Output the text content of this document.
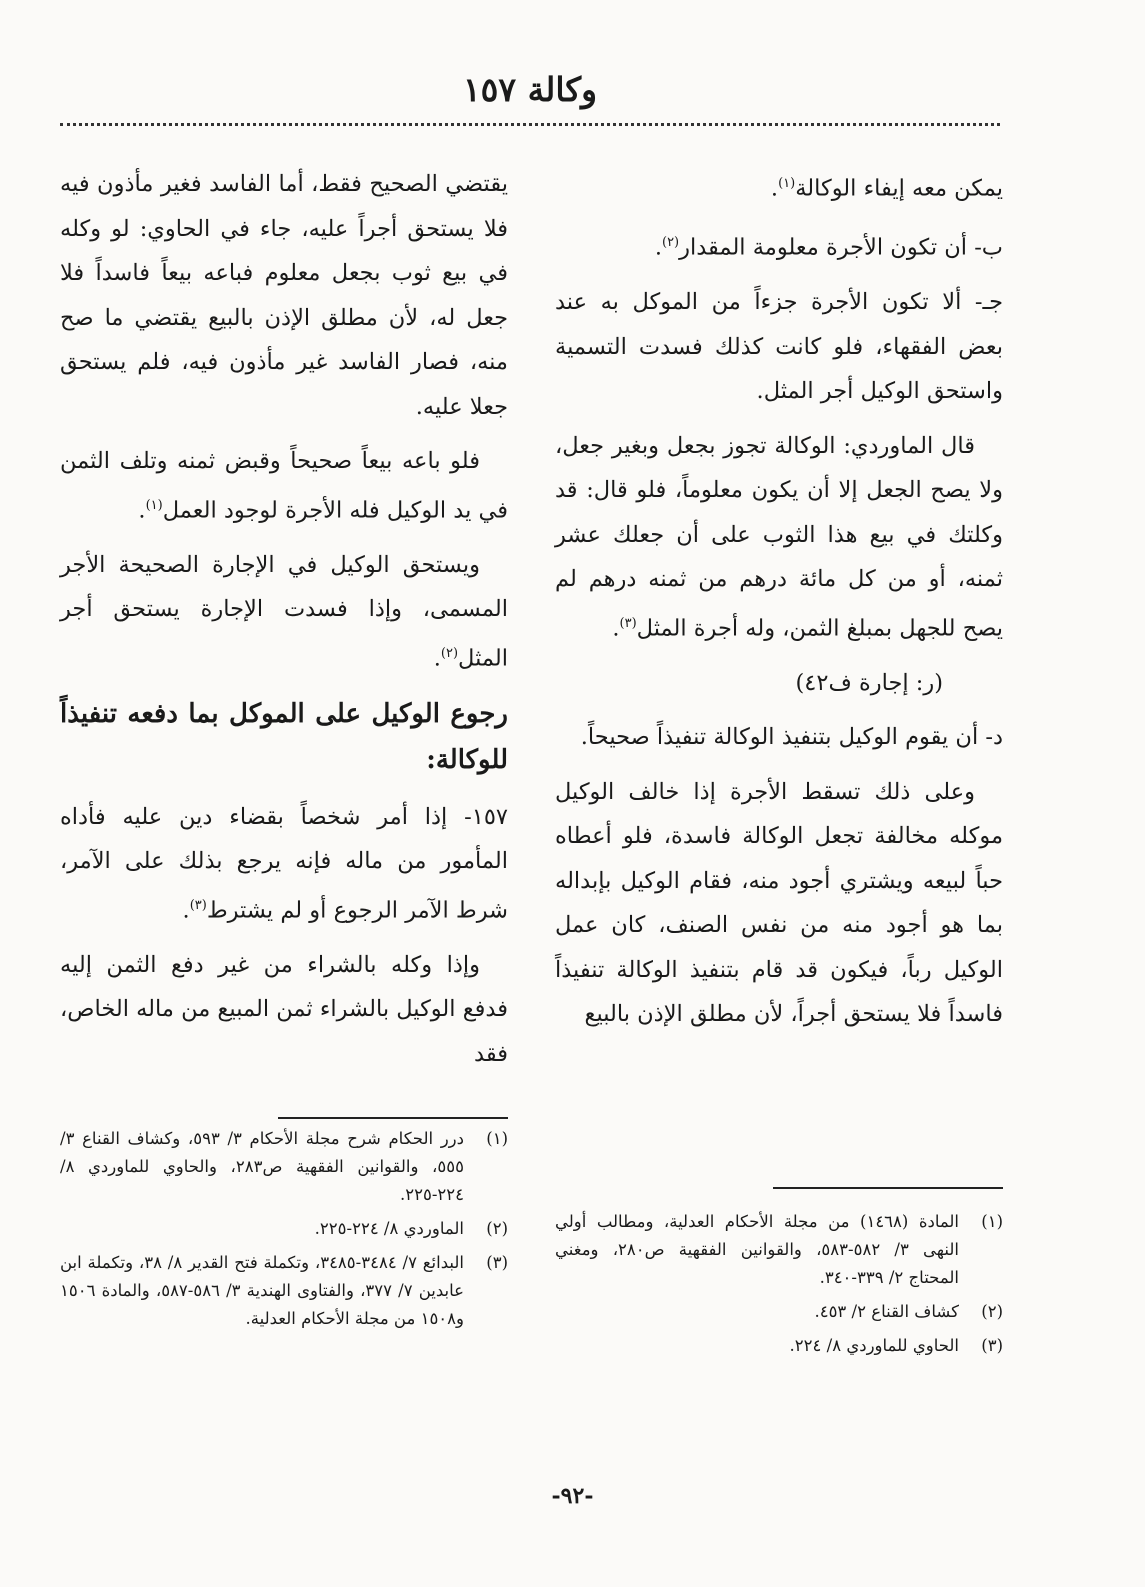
وكالة ١٥٧

يمكن معه إيفاء الوكالة$^{(١)}$.

ب- أن تكون الأجرة معلومة المقدار$^{(٢)}$.

جـ- ألا تكون الأجرة جزءاً من الموكل به عند بعض الفقهاء، فلو كانت كذلك فسدت التسمية واستحق الوكيل أجر المثل.

قال الماوردي: الوكالة تجوز بجعل وبغير جعل، ولا يصح الجعل إلا أن يكون معلوماً، فلو قال: قد وكلتك في بيع هذا الثوب على أن جعلك عشر ثمنه، أو من كل مائة درهم من ثمنه درهم لم يصح للجهل بمبلغ الثمن، وله أجرة المثل$^{(٣)}$.

(ر: إجارة ف٤٢)

د- أن يقوم الوكيل بتنفيذ الوكالة تنفيذاً صحيحاً.

وعلى ذلك تسقط الأجرة إذا خالف الوكيل موكله مخالفة تجعل الوكالة فاسدة، فلو أعطاه حباً لبيعه ويشتري أجود منه، فقام الوكيل بإبداله بما هو أجود منه من نفس الصنف، كان عمل الوكيل رباً، فيكون قد قام بتنفيذ الوكالة تنفيذاً فاسداً فلا يستحق أجراً، لأن مطلق الإذن بالبيع

يقتضي الصحيح فقط، أما الفاسد فغير مأذون فيه فلا يستحق أجراً عليه، جاء في الحاوي: لو وكله في بيع ثوب بجعل معلوم فباعه بيعاً فاسداً فلا جعل له، لأن مطلق الإذن بالبيع يقتضي ما صح منه، فصار الفاسد غير مأذون فيه، فلم يستحق جعلا عليه.

فلو باعه بيعاً صحيحاً وقبض ثمنه وتلف الثمن في يد الوكيل فله الأجرة لوجود العمل$^{(١)}$.

ويستحق الوكيل في الإجارة الصحيحة الأجر المسمى، وإذا فسدت الإجارة يستحق أجر المثل$^{(٢)}$.

رجوع الوكيل على الموكل بما دفعه تنفيذاً للوكالة:

١٥٧- إذا أمر شخصاً بقضاء دين عليه فأداه المأمور من ماله فإنه يرجع بذلك على الآمر، شرط الآمر الرجوع أو لم يشترط$^{(٣)}$.

وإذا وكله بالشراء من غير دفع الثمن إليه فدفع الوكيل بالشراء ثمن المبيع من ماله الخاص، فقد

(١)
المادة (١٤٦٨) من مجلة الأحكام العدلية، ومطالب أولي النهى ٣/ ٥٨٢-٥٨٣، والقوانين الفقهية ص٢٨٠، ومغني المحتاج ٢/ ٣٣٩-٣٤٠.
(٢)
كشاف القناع ٢/ ٤٥٣.
(٣)
الحاوي للماوردي ٨/ ٢٢٤.
(١)
درر الحكام شرح مجلة الأحكام ٣/ ٥٩٣، وكشاف القناع ٣/ ٥٥٥، والقوانين الفقهية ص٢٨٣، والحاوي للماوردي ٨/ ٢٢٤-٢٢٥.
(٢)
الماوردي ٨/ ٢٢٤-٢٢٥.
(٣)
البدائع ٧/ ٣٤٨٤-٣٤٨٥، وتكملة فتح القدير ٨/ ٣٨، وتكملة ابن عابدين ٧/ ٣٧٧، والفتاوى الهندية ٣/ ٥٨٦-٥٨٧، والمادة ١٥٠٦ و١٥٠٨ من مجلة الأحكام العدلية.
-٩٢-
